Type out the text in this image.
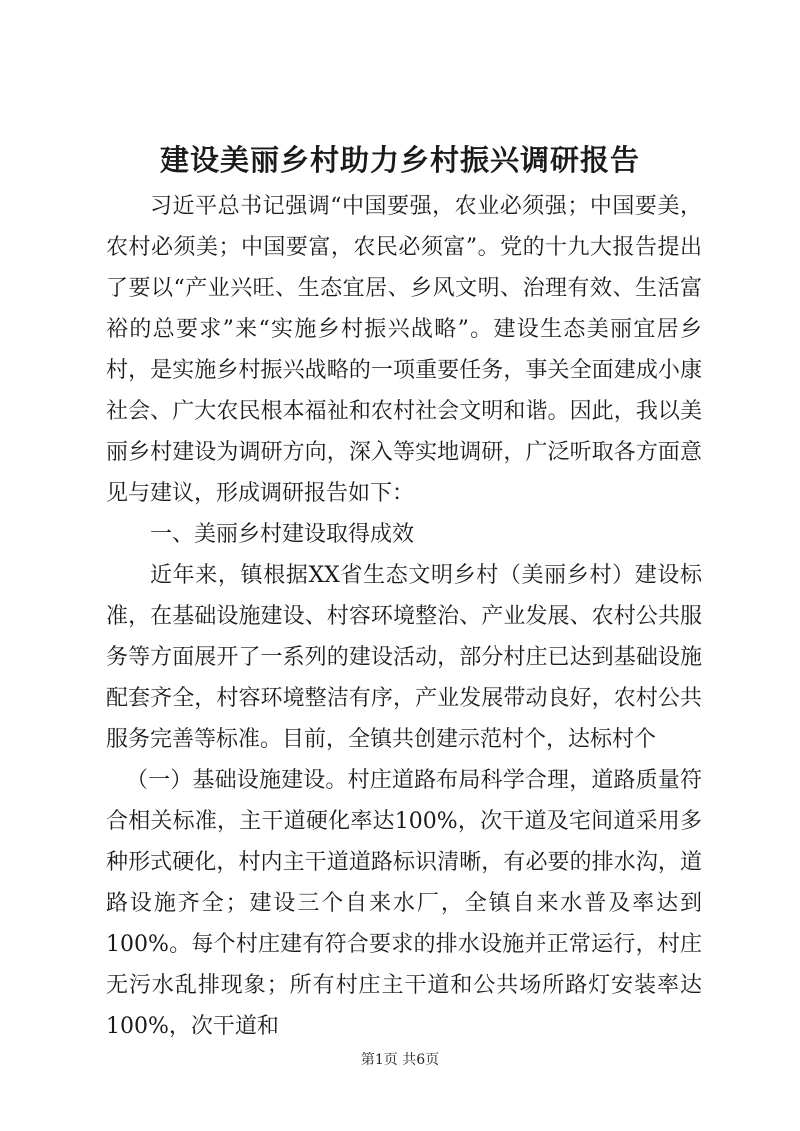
建设美丽乡村助力乡村振兴调研报告

习近平总书记强调“中国要强，农业必须强；中国要美，农村必须美；中国要富，农民必须富”。党的十九大报告提出了要以“产业兴旺、生态宜居、乡风文明、治理有效、生活富裕的总要求”来“实施乡村振兴战略”。建设生态美丽宜居乡村，是实施乡村振兴战略的一项重要任务，事关全面建成小康社会、广大农民根本福祉和农村社会文明和谐。因此，我以美丽乡村建设为调研方向，深入等实地调研，广泛听取各方面意见与建议，形成调研报告如下：

一、美丽乡村建设取得成效

近年来，镇根据XX省生态文明乡村（美丽乡村）建设标准，在基础设施建设、村容环境整治、产业发展、农村公共服务等方面展开了一系列的建设活动，部分村庄已达到基础设施配套齐全，村容环境整洁有序，产业发展带动良好，农村公共服务完善等标准。目前，全镇共创建示范村个，达标村个

（一）基础设施建设。村庄道路布局科学合理，道路质量符合相关标准，主干道硬化率达100%，次干道及宅间道采用多种形式硬化，村内主干道道路标识清晰，有必要的排水沟，道路设施齐全；建设三个自来水厂，全镇自来水普及率达到100%。每个村庄建有符合要求的排水设施并正常运行，村庄无污水乱排现象；所有村庄主干道和公共场所路灯安装率达100%，次干道和

第1页 共6页
